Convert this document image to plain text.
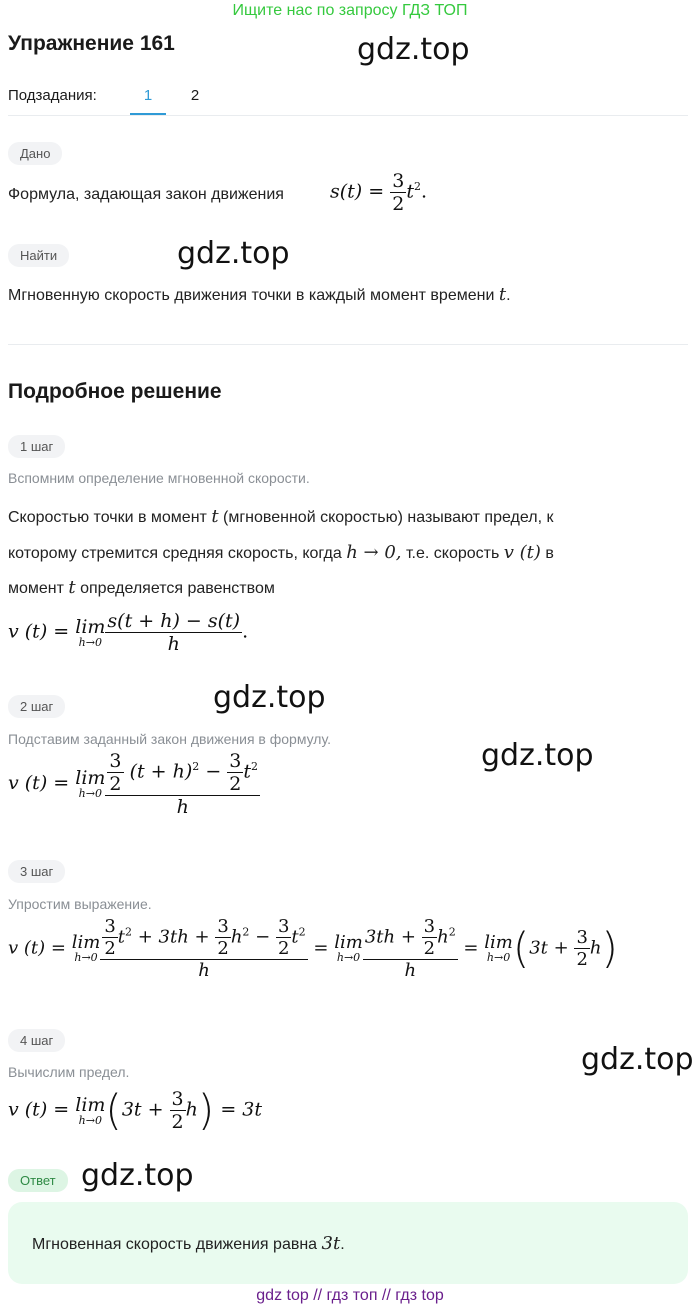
Ищите нас по запросу ГДЗ ТОП
Упражнение 161	gdz.top
Подзадания:	1	2
Дано
Формула, задающая закон движения $s(t) = \frac{3}{2} t^2$.
Найти	gdz.top
Мгновенную скорость движения точки в каждый момент времени t.
Подробное решение
1 шаг
Вспомним определение мгновенной скорости.
Скоростью точки в момент t (мгновенной скоростью) называют предел, к
которому стремится средняя скорость, когда h → 0, т.е. скорость v (t) в
момент t определяется равенством
v (t) = lim
$h\to 0 \frac{s(t + h) - s(t)}{h}$ .
2 шаг	gdz.top
Подставим заданный закон движения в формулу.	gdz.top
v (t) = lim
$h\to 0 \frac{\frac{3}{2} (t + h)^2 - \frac{3}{2} t^2}{h}$
3 шаг
Упростим выражение.
v (t) = lim
$h\to 0 \frac{\frac{3}{2} t^2 + 3th + \frac{3}{2} h^2 - \frac{3}{2} t^2}{h} = \lim$
$h\to 0 \frac{3th + \frac{3}{2} h^2}{h} = \lim$
h→0 $(3t + \frac{3}{2} h)$
4 шаг
gdz.top
Вычислим предел.
v (t) = lim
h→0 $(3t + \frac{3}{2} h) = 3t$
Ответ gdz.top
Мгновенная скорость движения равна 3t.
gdz top // гдз топ // гдз top
